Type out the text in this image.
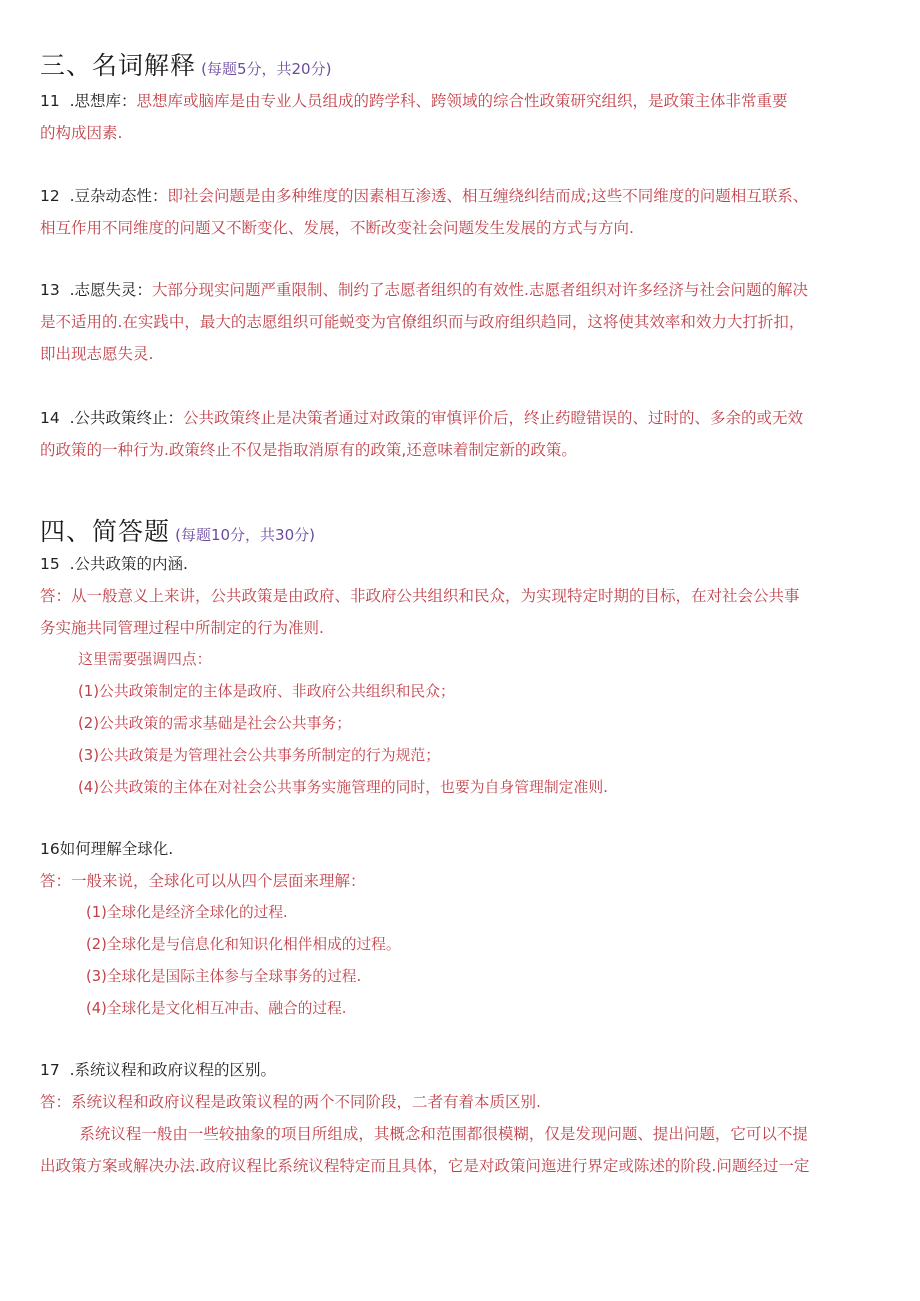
三、名词解释 (每题5分，共20分)
11 .思想库：思想库或脑库是由专业人员组成的跨学科、跨领域的综合性政策研究组织，是政策主体非常重要
的构成因素.
12 .豆杂动态性：即社会问题是由多种维度的因素相互渗透、相互缠绕纠结而成;这些不同维度的问题相互联系、
相互作用不同维度的问题又不断变化、发展，不断改变社会问题发生发展的方式与方向.
13 .志愿失灵：大部分现实问题严重限制、制约了志愿者组织的有效性.志愿者组织对许多经济与社会问题的解决
是不适用的.在实践中，最大的志愿组织可能蜕变为官僚组织而与政府组织趋同，这将使其效率和效力大打折扣，
即出现志愿失灵.
14 .公共政策终止：公共政策终止是决策者通过对政策的审慎评价后，终止药瞪错误的、过时的、多余的或无效
的政策的一种行为.政策终止不仅是指取消原有的政策,还意味着制定新的政策。
四、简答题 (每题10分，共30分)
15 .公共政策的内涵.
答：从一般意义上来讲，公共政策是由政府、非政府公共组织和民众，为实现特定时期的目标，在对社会公共事
务实施共同管理过程中所制定的行为准则.
这里需要强调四点：
(1)公共政策制定的主体是政府、非政府公共组织和民众；
(2)公共政策的需求基础是社会公共事务；
(3)公共政策是为管理社会公共事务所制定的行为规范；
(4)公共政策的主体在对社会公共事务实施管理的同时，也要为自身管理制定准则.
16如何理解全球化.
答：一般来说，全球化可以从四个层面来理解：
(1)全球化是经济全球化的过程.
(2)全球化是与信息化和知识化相伴相成的过程。
(3)全球化是国际主体参与全球事务的过程.
(4)全球化是文化相互冲击、融合的过程.
17 .系统议程和政府议程的区别。
答：系统议程和政府议程是政策议程的两个不同阶段，二者有着本质区别.
系统议程一般由一些较抽象的项目所组成，其概念和范围都很模糊，仅是发现问题、提出问题，它可以不提
出政策方案或解决办法.政府议程比系统议程特定而且具体，它是对政策问迤进行界定或陈述的阶段.问题经过一定
